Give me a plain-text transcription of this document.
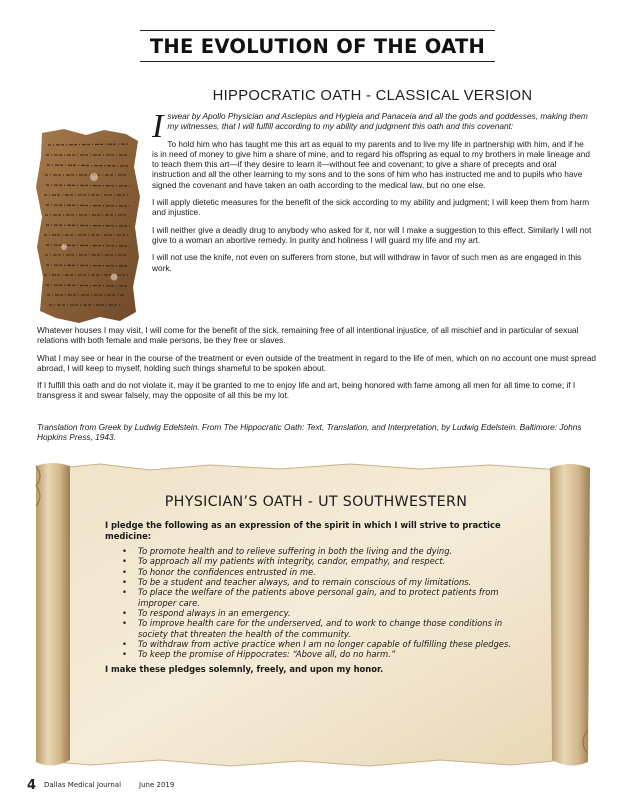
THE EVOLUTION OF THE OATH
HIPPOCRATIC OATH - CLASSICAL VERSION

Iswear by Apollo Physician and Asclepius and Hygieia and Panaceia and all the gods and goddesses, making them my witnesses, that I will fulfill according to my ability and judgment this oath and this covenant:

To hold him who has taught me this art as equal to my parents and to live my life in partnership with him, and if he is in need of money to give him a share of mine, and to regard his offspring as equal to my brothers in male lineage and to teach them this art—if they desire to learn it—without fee and covenant; to give a share of precepts and oral instruction and all the other learning to my sons and to the sons of him who has instructed me and to pupils who have signed the covenant and have taken an oath according to the medical law, but no one else.

I will apply dietetic measures for the benefit of the sick according to my ability and judgment; I will keep them from harm and injustice.

I will neither give a deadly drug to anybody who asked for it, nor will I make a suggestion to this effect. Similarly I will not give to a woman an abortive remedy. In purity and holiness I will guard my life and my art.

I will not use the knife, not even on sufferers from stone, but will withdraw in favor of such men as are engaged in this work.

Whatever houses I may visit, I will come for the benefit of the sick, remaining free of all intentional injustice, of all mischief and in particular of sexual relations with both female and male persons, be they free or slaves.

What I may see or hear in the course of the treatment or even outside of the treatment in regard to the life of men, which on no account one must spread abroad, I will keep to myself, holding such things shameful to be spoken about.

If I fulfill this oath and do not violate it, may it be granted to me to enjoy life and art, being honored with fame among all men for all time to come; if I transgress it and swear falsely, may the opposite of all this be my lot.

Translation from Greek by Ludwig Edelstein. From The Hippocratic Oath: Text, Translation, and Interpretation, by Ludwig Edelstein. Baltimore: Johns Hopkins Press, 1943.
PHYSICIAN’S OATH - UT SOUTHWESTERN
I pledge the following as an expression of the spirit in which I will strive to practice medicine:
• To promote health and to relieve suffering in both the living and the dying.
• To approach all my patients with integrity, candor, empathy, and respect.
• To honor the confidences entrusted in me.
• To be a student and teacher always, and to remain conscious of my limitations.
• To place the welfare of the patients above personal gain, and to protect patients from improper care.
• To respond always in an emergency.
• To improve health care for the underserved, and to work to change those conditions in society that threaten the health of the community.
• To withdraw from active practice when I am no longer capable of fulfilling these pledges.
• To keep the promise of Hippocrates: “Above all, do no harm.”
I make these pledges solemnly, freely, and upon my honor.
4 Dallas Medical Journal	June 2019
